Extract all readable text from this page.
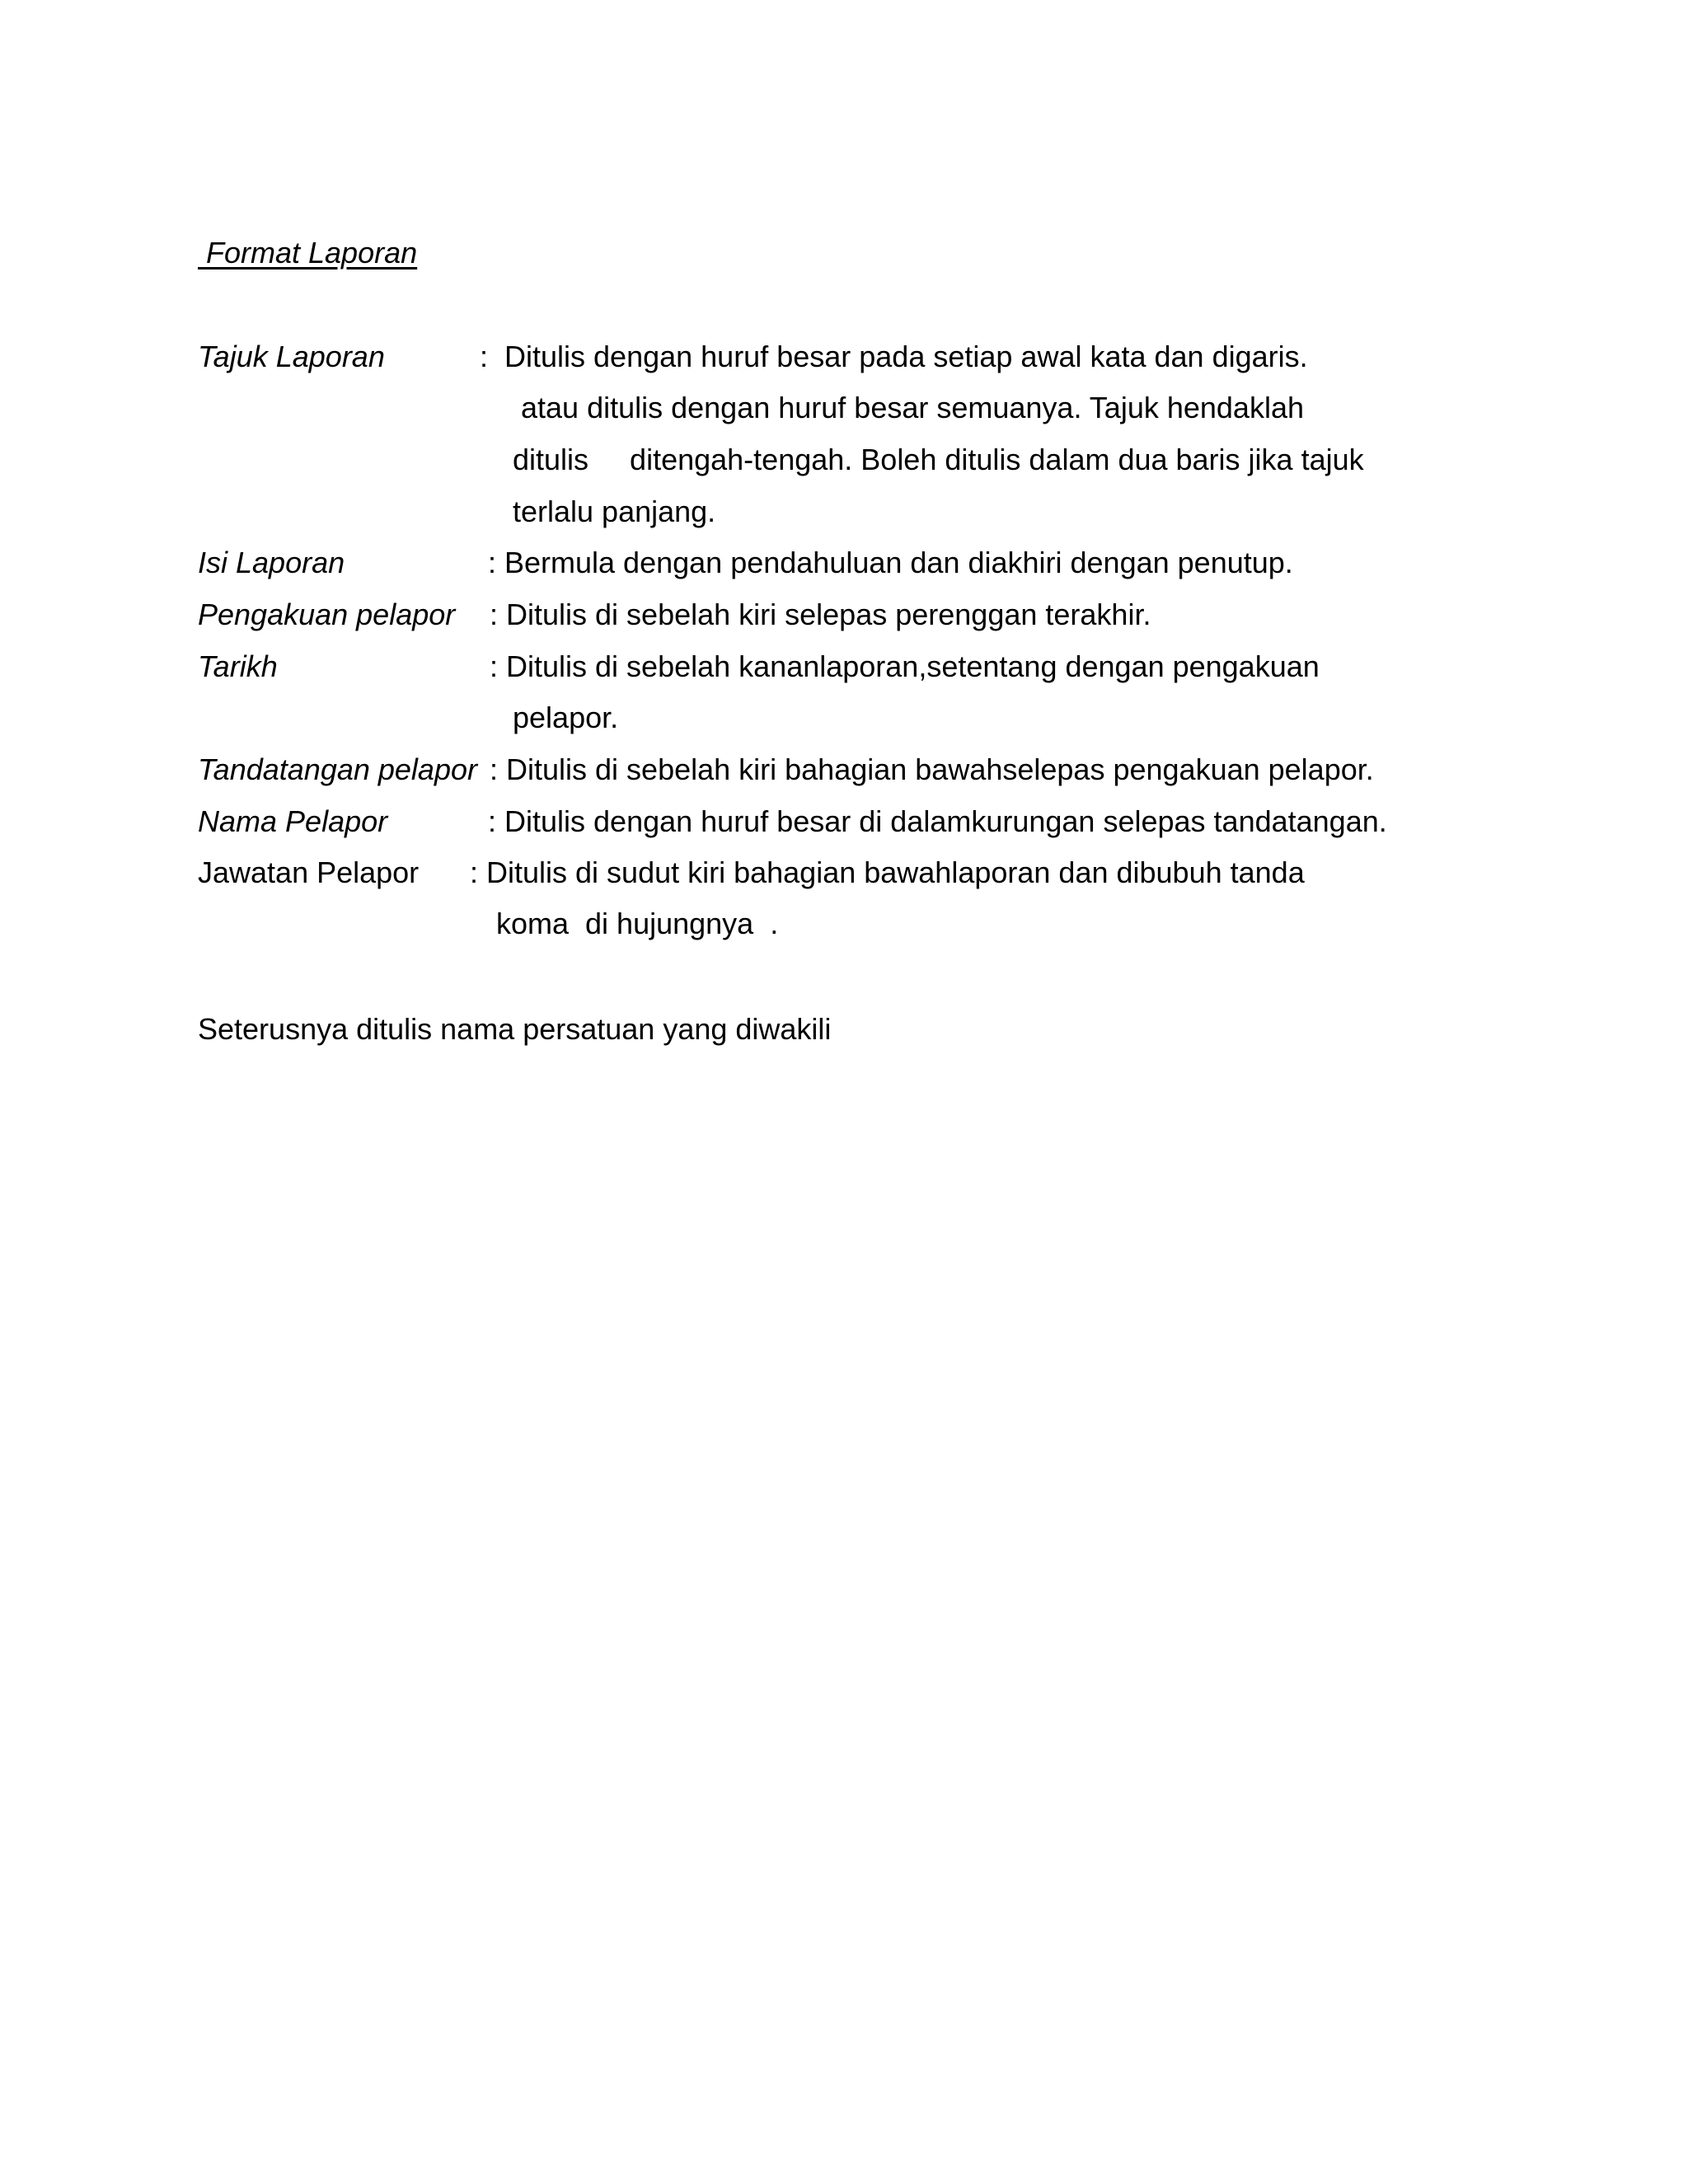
Format Laporan
Tajuk Laporan	:  Ditulis dengan huruf besar pada setiap awal kata dan digaris.
atau ditulis dengan huruf besar semuanya. Tajuk hendaklah
ditulis     ditengah-tengah. Boleh ditulis dalam dua baris jika tajuk
terlalu panjang.
Isi Laporan	: Bermula dengan pendahuluan dan diakhiri dengan penutup.
Pengakuan pelapor : Ditulis di sebelah kiri selepas perenggan terakhir.
Tarikh	: Ditulis di sebelah kananlaporan,setentang dengan pengakuan
pelapor.
Tandatangan pelapor : Ditulis di sebelah kiri bahagian bawahselepas pengakuan pelapor.
Nama Pelapor	: Ditulis dengan huruf besar di dalamkurungan selepas tandatangan.
Jawatan Pelapor : Ditulis di sudut kiri bahagian bawahlaporan dan dibubuh tanda
koma  di hujungnya  .
Seterusnya ditulis nama persatuan yang diwakili
